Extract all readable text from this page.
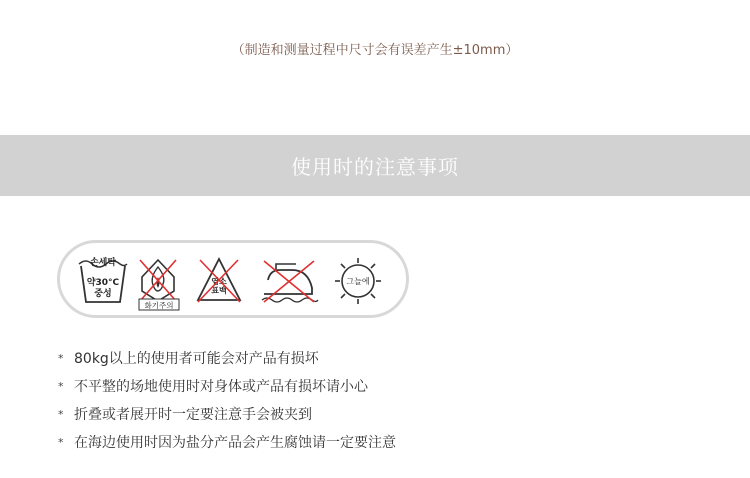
（制造和测量过程中尺寸会有误差产生±10mm）
使用时的注意事项
손세탁
약30°C
중성
화기주의
염소
표백
그늘에
* 80kg以上的使用者可能会对产品有损坏
* 不平整的场地使用时对身体或产品有损坏请小心
* 折叠或者展开时一定要注意手会被夹到
* 在海边使用时因为盐分产品会产生腐蚀请一定要注意
